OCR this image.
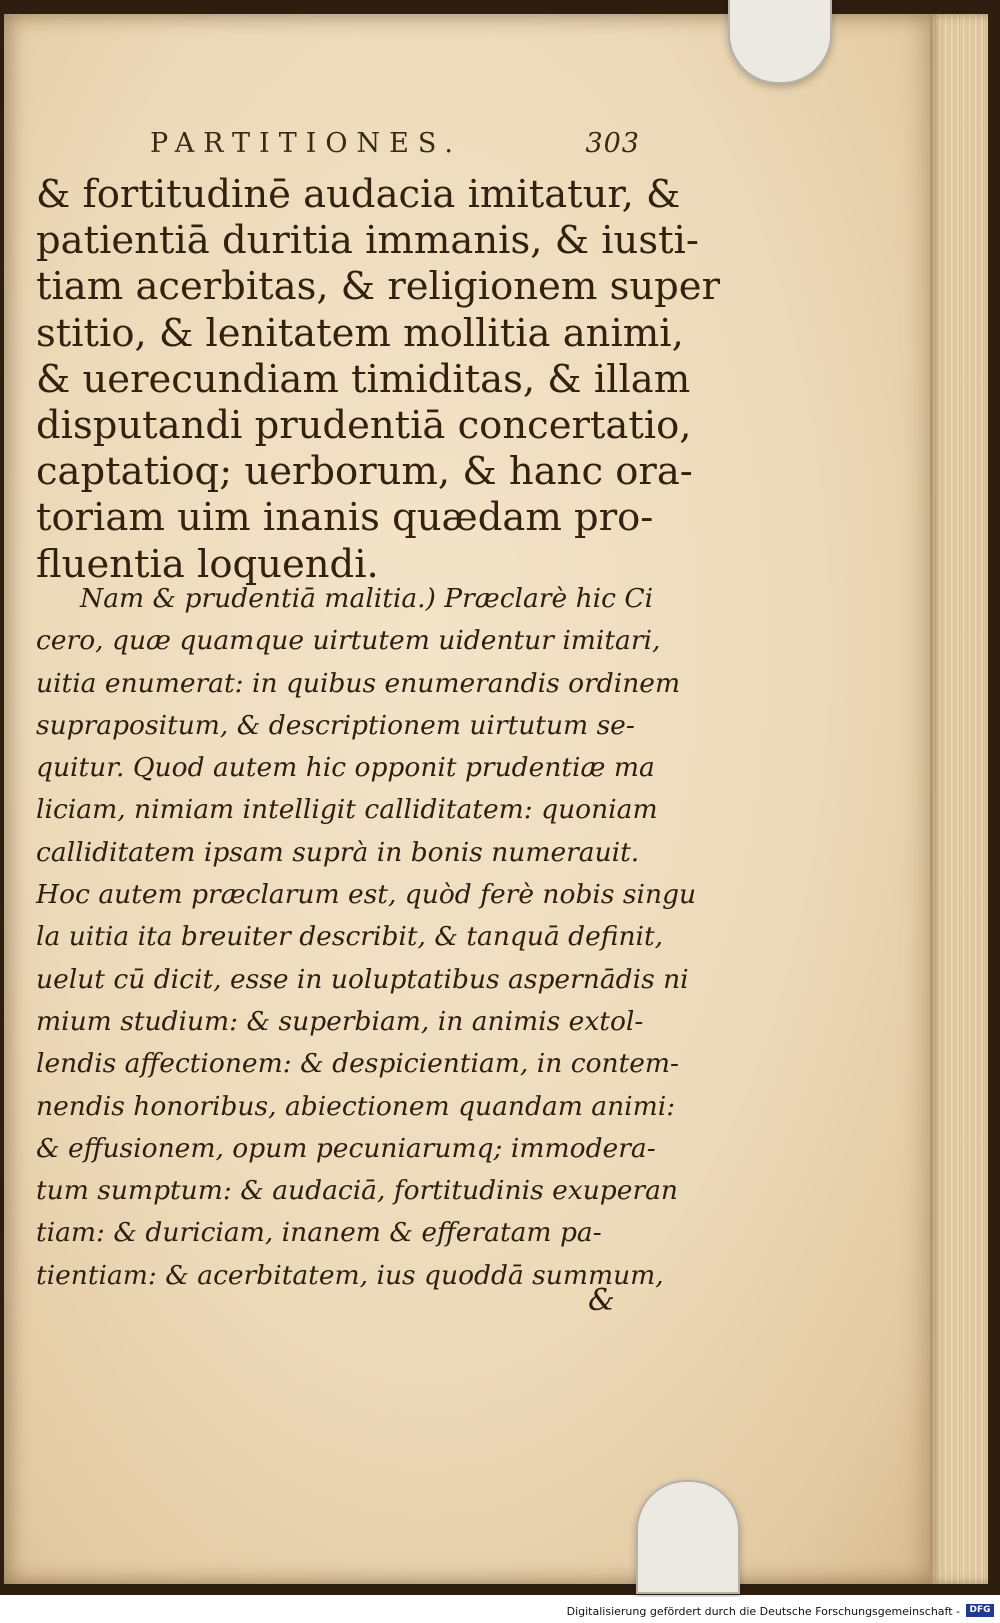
PARTITIONES.	303
& fortitudinē audacia imitatur, &
patientiā duritia immanis, & iusti-
tiam acerbitas, & religionem super
stitio, & lenitatem mollitia animi,
& uerecundiam timiditas, & illam
disputandi prudentiā concertatio,
captatioq; uerborum, & hanc ora-
toriam uim inanis quædam pro-
fluentia loquendi.
Nam & prudentiā malitia.) Præclarè hic Ci
cero, quæ quamque uirtutem uidentur imitari,
uitia enumerat: in quibus enumerandis ordinem
suprapositum, & descriptionem uirtutum se-
quitur. Quod autem hic opponit prudentiæ ma
liciam, nimiam intelligit calliditatem: quoniam
calliditatem ipsam suprà in bonis numerauit.
Hoc autem præclarum est, quòd ferè nobis singu
la uitia ita breuiter describit, & tanquā definit,
uelut cū dicit, esse in uoluptatibus aspernādis ni
mium studium: & superbiam, in animis extol-
lendis affectionem: & despicientiam, in contem-
nendis honoribus, abiectionem quandam animi:
& effusionem, opum pecuniarumq; immodera-
tum sumptum: & audaciā, fortitudinis exuperan
tiam: & duriciam, inanem & efferatam pa-
tientiam: & acerbitatem, ius quoddā summum,
&
Digitalisierung gefördert durch die Deutsche Forschungsgemeinschaft -	DFG
